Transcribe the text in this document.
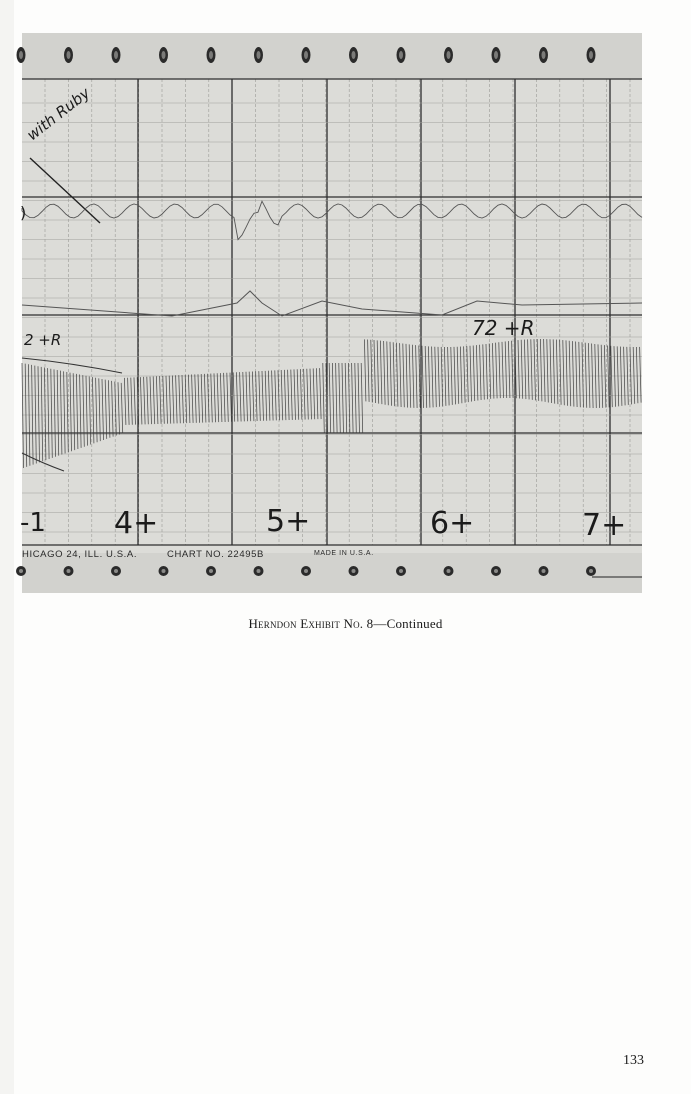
with Ruby
2 +R	72 +R
)
-1 4+	5+	6+	7+
HICAGO 24, ILL. U.S.A.	CHART NO. 22495B	MADE IN U.S.A.
Herndon Exhibit No. 8—Continued
133
